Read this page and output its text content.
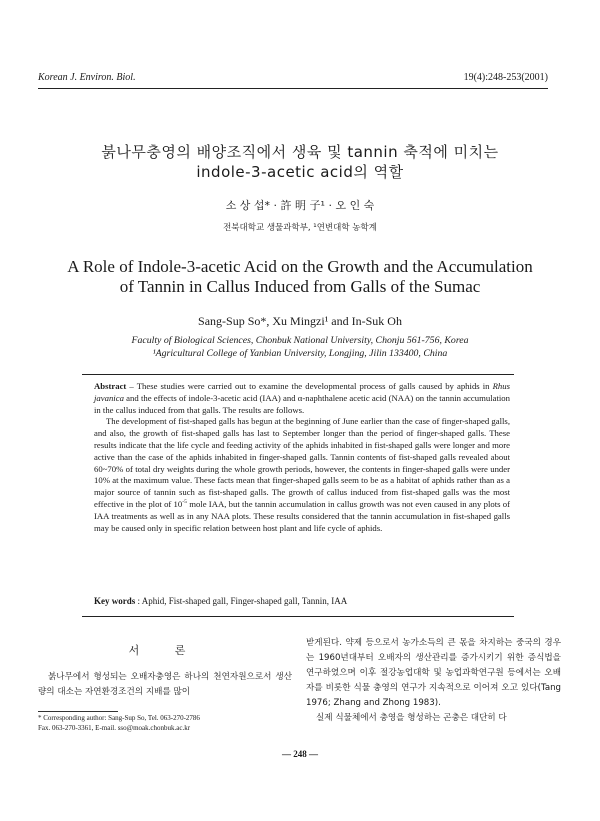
Korean J. Environ. Biol.	19(4):248-253(2001)
붉나무충영의 배양조직에서 생육 및 tannin 축적에 미치는
indole-3-acetic acid의 역할
소 상 섭* · 許 明 子¹ · 오 인 숙
전북대학교 생물과학부, ¹연변대학 농학계
A Role of Indole-3-acetic Acid on the Growth and the Accumulation
of Tannin in Callus Induced from Galls of the Sumac
Sang-Sup So*, Xu Mingzi¹ and In-Suk Oh
Faculty of Biological Sciences, Chonbuk National University, Chonju 561-756, Korea
¹Agricultural College of Yanbian University, Longjing, Jilin 133400, China

Abstract – These studies were carried out to examine the developmental process of galls caused by aphids in Rhus javanica and the effects of indole-3-acetic acid (IAA) and α-naphthalene acetic acid (NAA) on the tannin accumulation in the callus induced from that galls. The results are follows.

The development of fist-shaped galls has begun at the beginning of June earlier than the case of finger-shaped galls, and also, the growth of fist-shaped galls has last to September longer than the period of finger-shaped galls. These results indicate that the life cycle and feeding activity of the aphids inhabited in fist-shaped galls were longer and more active than the case of the aphids inhabited in finger-shaped galls. Tannin contents of fist-shaped galls revealed about 60~70% of total dry weights during the whole growth periods, however, the contents in finger-shaped galls were under 10% at the maximum value. These facts mean that finger-shaped galls seem to be as a habitat of aphids rather than as a major source of tannin such as fist-shaped galls. The growth of callus induced from fist-shaped galls was the most effective in the plot of $10^{-5}$ mole IAA, but the tannin accumulation in callus growth was not even caused in any plots of IAA treatments as well as in any NAA plots. These results considered that the tannin accumulation in fist-shaped galls may be caused only in specific relation between host plant and life cycle of aphids.

Key words : Aphid, Fist-shaped gall, Finger-shaped gall, Tannin, IAA
서 론

붉나무에서 형성되는 오배자충영은 하나의 천연자원으로서 생산량의 대소는 자연환경조건의 지배를 많이

받게된다. 약제 등으로서 농가소득의 큰 몫을 차지하는 중국의 경우는 1960년대부터 오배자의 생산관리를 증가시키기 위한 증식법을 연구하였으며 이후 절강농업대학 및 농업과학연구원 등에서는 오배자를 비롯한 식물 충영의 연구가 지속적으로 이어져 오고 있다(Tang 1976; Zhang and Zhong 1983).

실제 식물체에서 충영을 형성하는 곤충은 대단히 다

* Corresponding author: Sang-Sup So, Tel. 063-270-2786
Fax. 063-270-3361, E-mail. sso@moak.chonbuk.ac.kr
— 248 —
